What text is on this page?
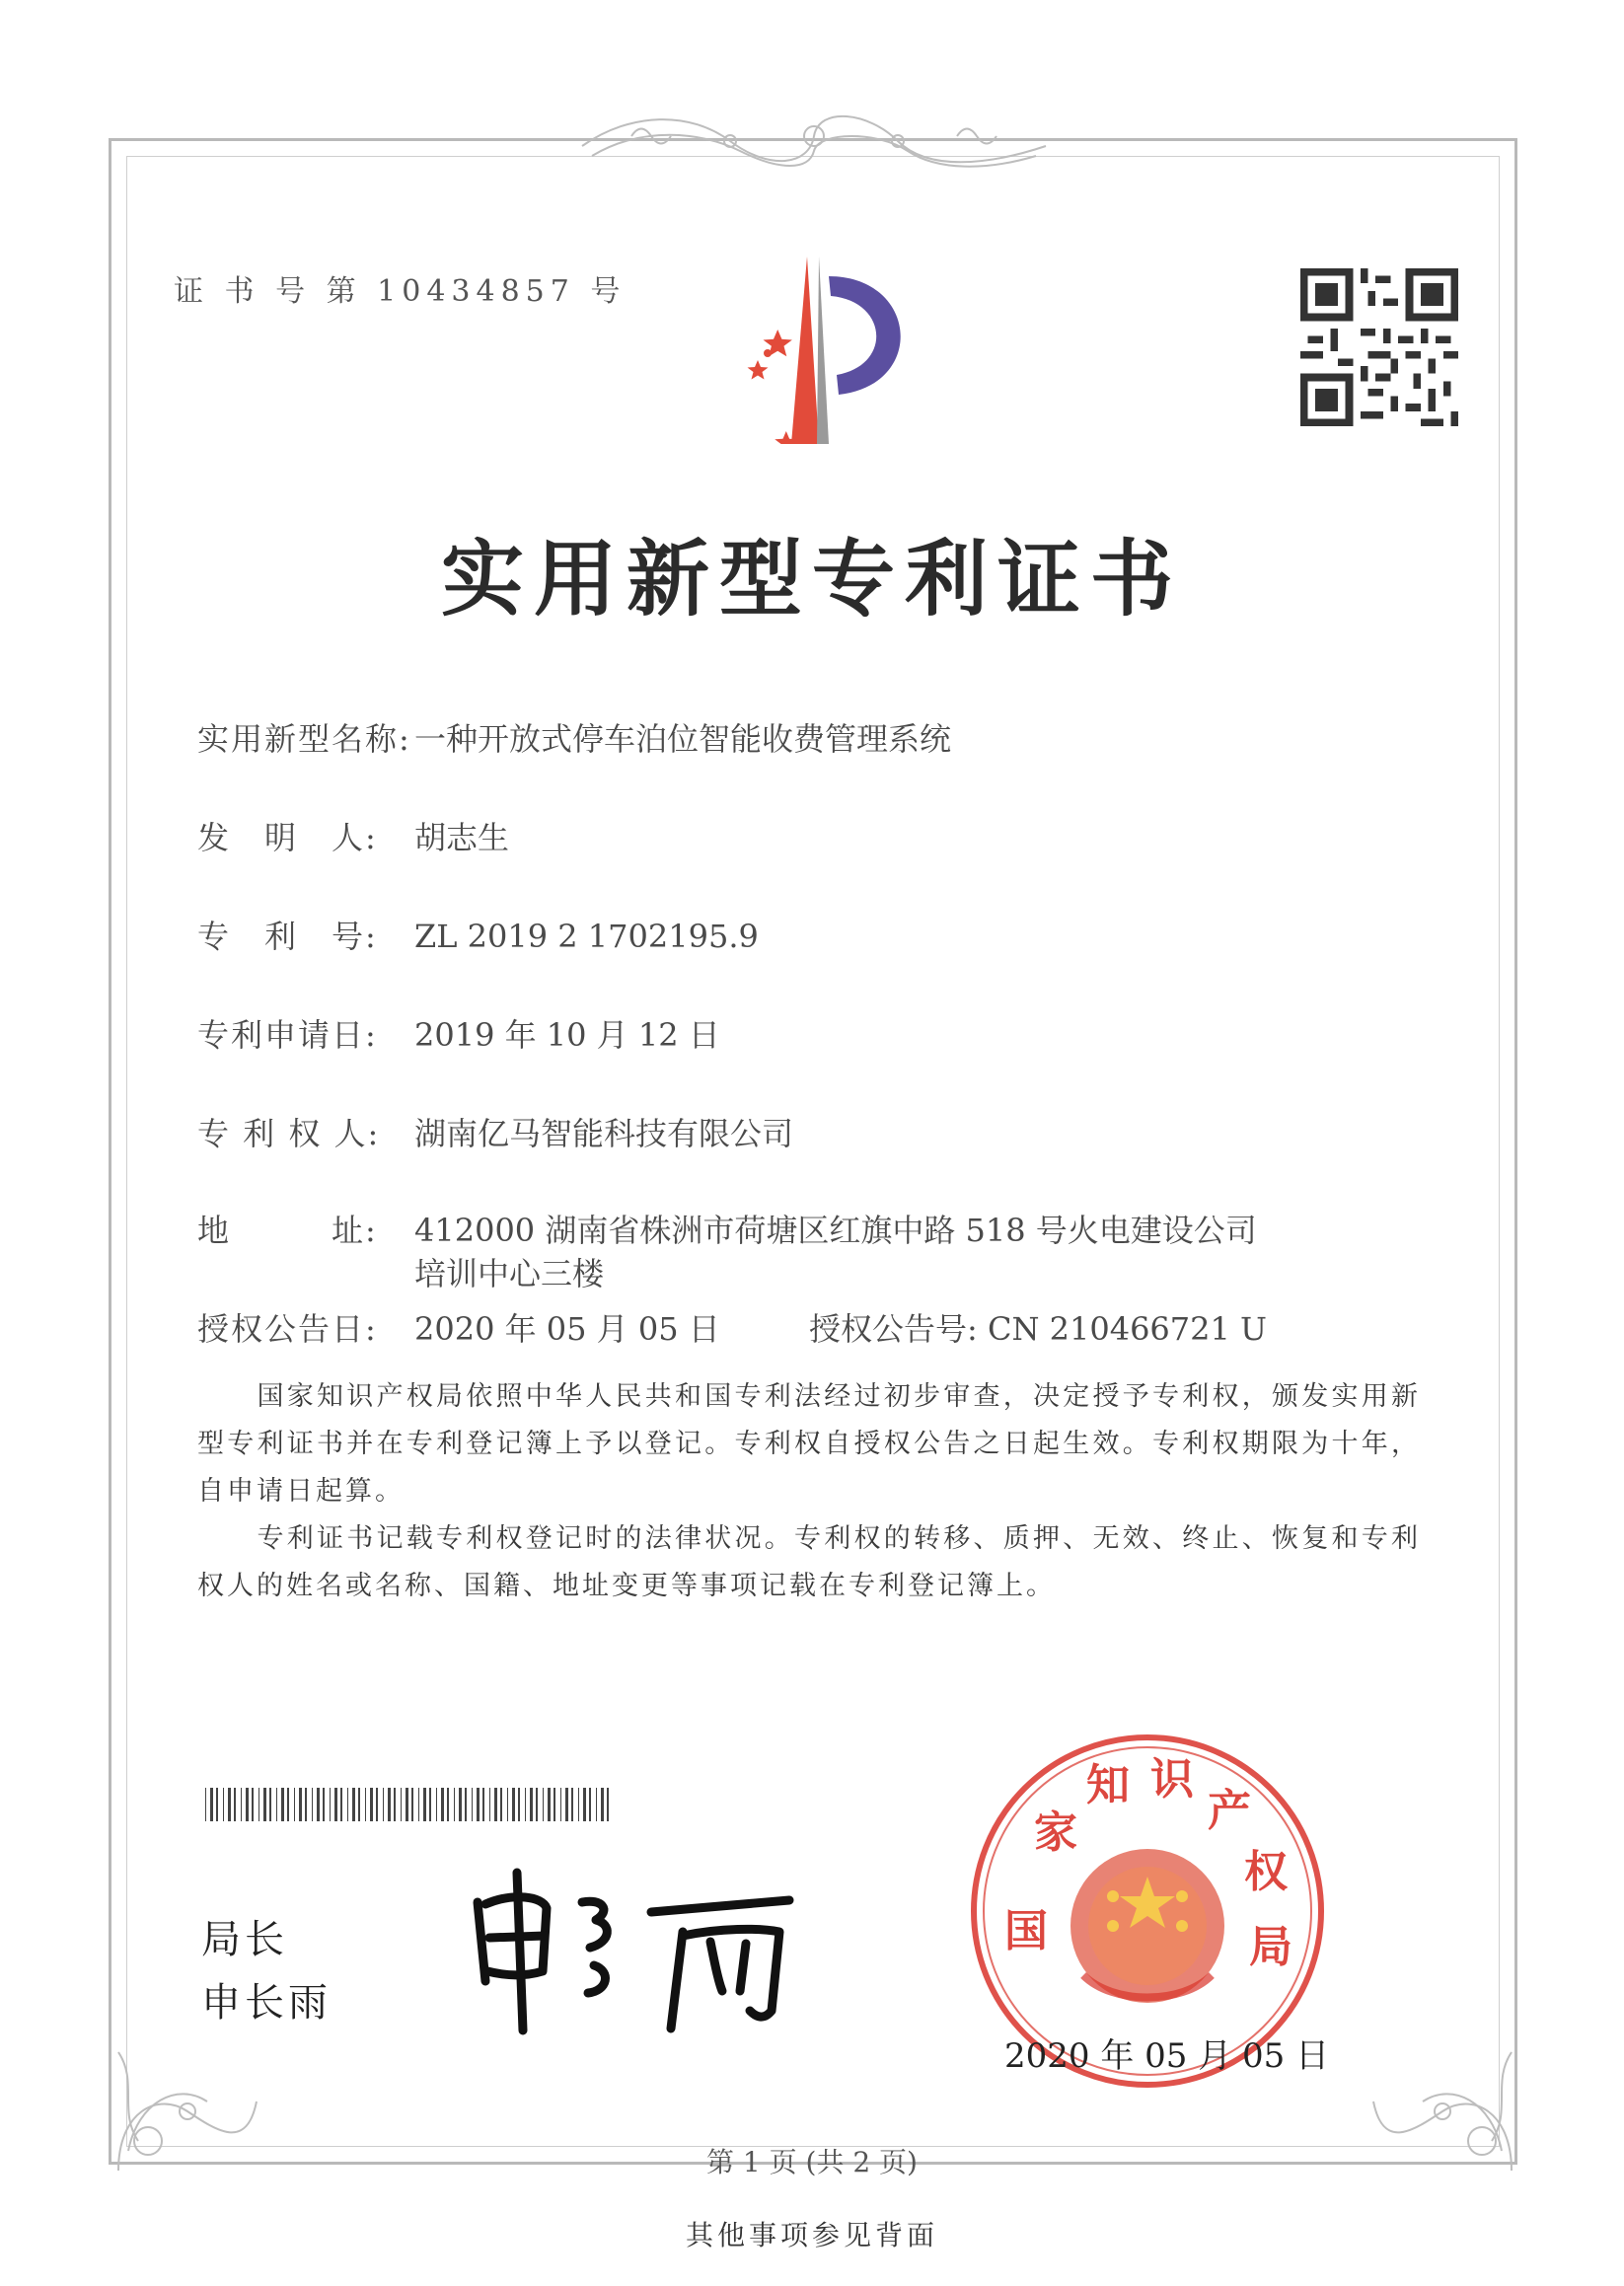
证 书 号 第 10434857 号
实用新型专利证书
实用新型名称: 一种开放式停车泊位智能收费管理系统
发　明　人: 胡志生
专　利　号: ZL 2019 2 1702195.9
专利申请日: 2019 年 10 月 12 日
专 利 权 人: 湖南亿马智能科技有限公司
地　　　址: 412000 湖南省株洲市荷塘区红旗中路 518 号火电建设公司
培训中心三楼
授权公告日: 2020 年 05 月 05 日	授权公告号: CN 210466721 U
　　国家知识产权局依照中华人民共和国专利法经过初步审查，决定授予专利权，颁发实用新型专利证书并在专利登记簿上予以登记。专利权自授权公告之日起生效。专利权期限为十年，自申请日起算。
　　专利证书记载专利权登记时的法律状况。专利权的转移、质押、无效、终止、恢复和专利权人的姓名或名称、国籍、地址变更等事项记载在专利登记簿上。
局长
申长雨
国
家
知 识
产
权
局
2020 年 05 月 05 日
第 1 页 (共 2 页)
其他事项参见背面
